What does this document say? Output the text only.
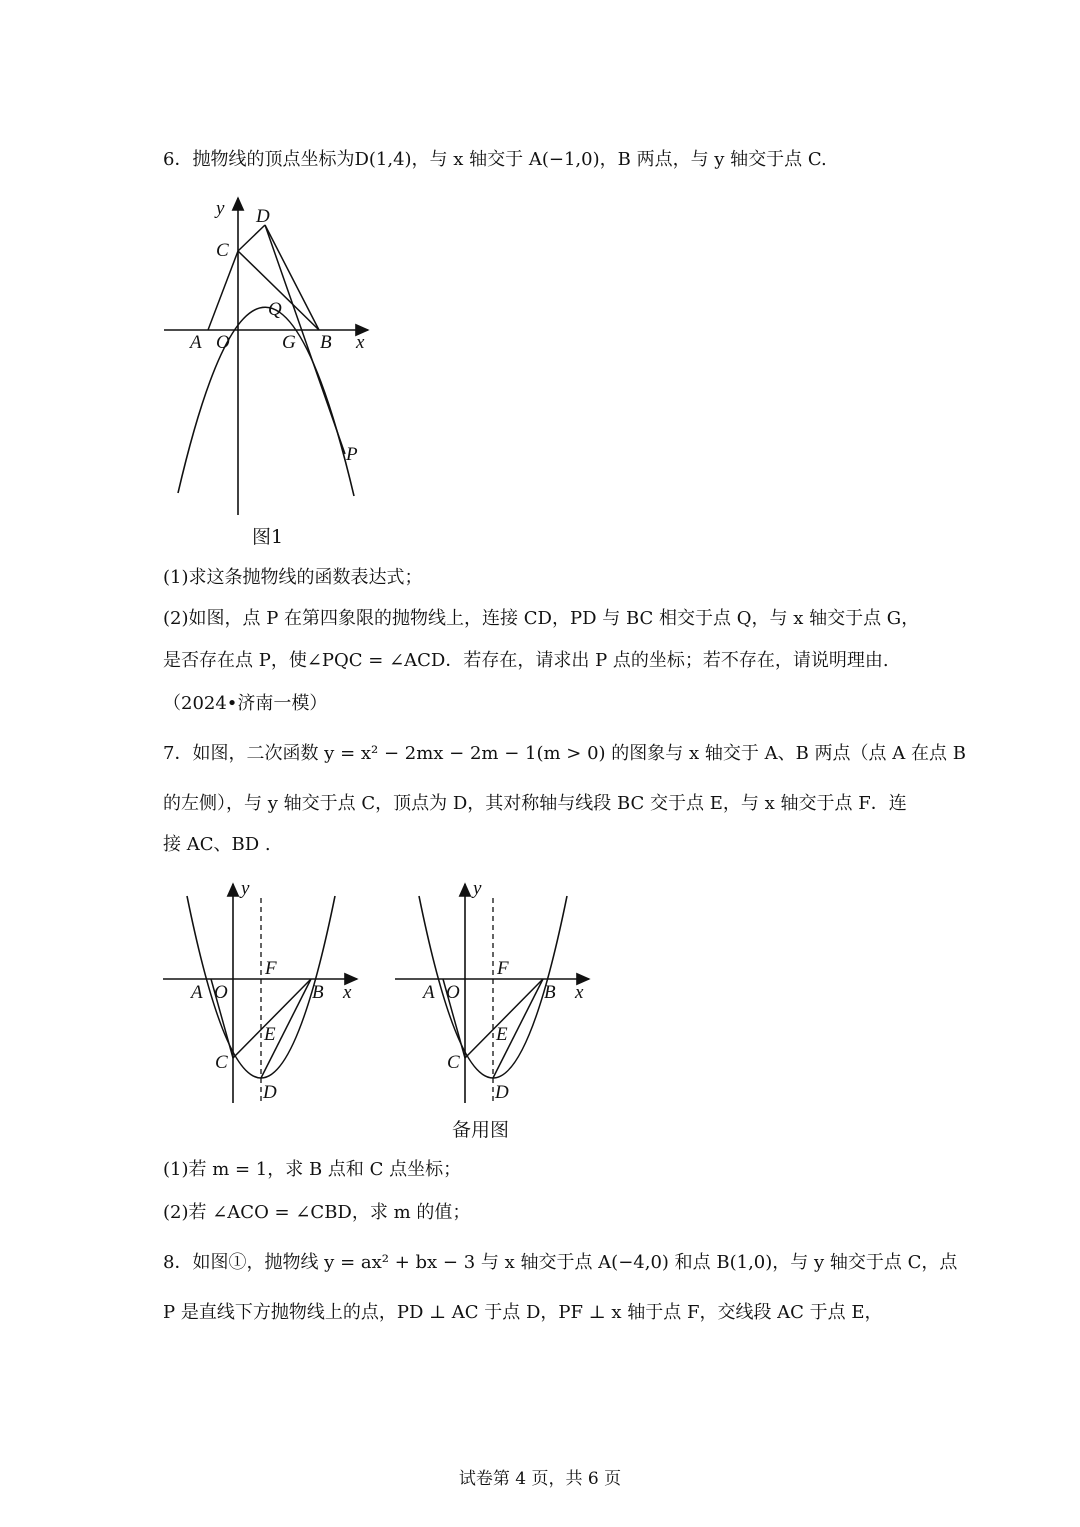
6．抛物线的顶点坐标为D(1,4)，与 x 轴交于 A(−1,0)，B 两点，与 y 轴交于点 C.
y D
C
Q
A O	G B x
P
图1
(1)求这条抛物线的函数表达式；
(2)如图，点 P 在第四象限的抛物线上，连接 CD，PD 与 BC 相交于点 Q，与 x 轴交于点 G，
是否存在点 P，使∠PQC = ∠ACD．若存在，请求出 P 点的坐标；若不存在，请说明理由.
（2024•济南一模）
7．如图，二次函数 y = x² − 2mx − 2m − 1(m > 0) 的图象与 x 轴交于 A、B 两点（点 A 在点 B
的左侧），与 y 轴交于点 C，顶点为 D，其对称轴与线段 BC 交于点 E，与 x 轴交于点 F．连
接 AC、BD .
y
F
A O	B x
E
C
D
y
F
A O	B x
E
C
D
备用图
(1)若 m = 1，求 B 点和 C 点坐标；
(2)若 ∠ACO = ∠CBD，求 m 的值；
8．如图①，抛物线 y = ax² + bx − 3 与 x 轴交于点 A(−4,0) 和点 B(1,0)，与 y 轴交于点 C，点
P 是直线下方抛物线上的点，PD ⊥ AC 于点 D，PF ⊥ x 轴于点 F，交线段 AC 于点 E，
试卷第 4 页，共 6 页
